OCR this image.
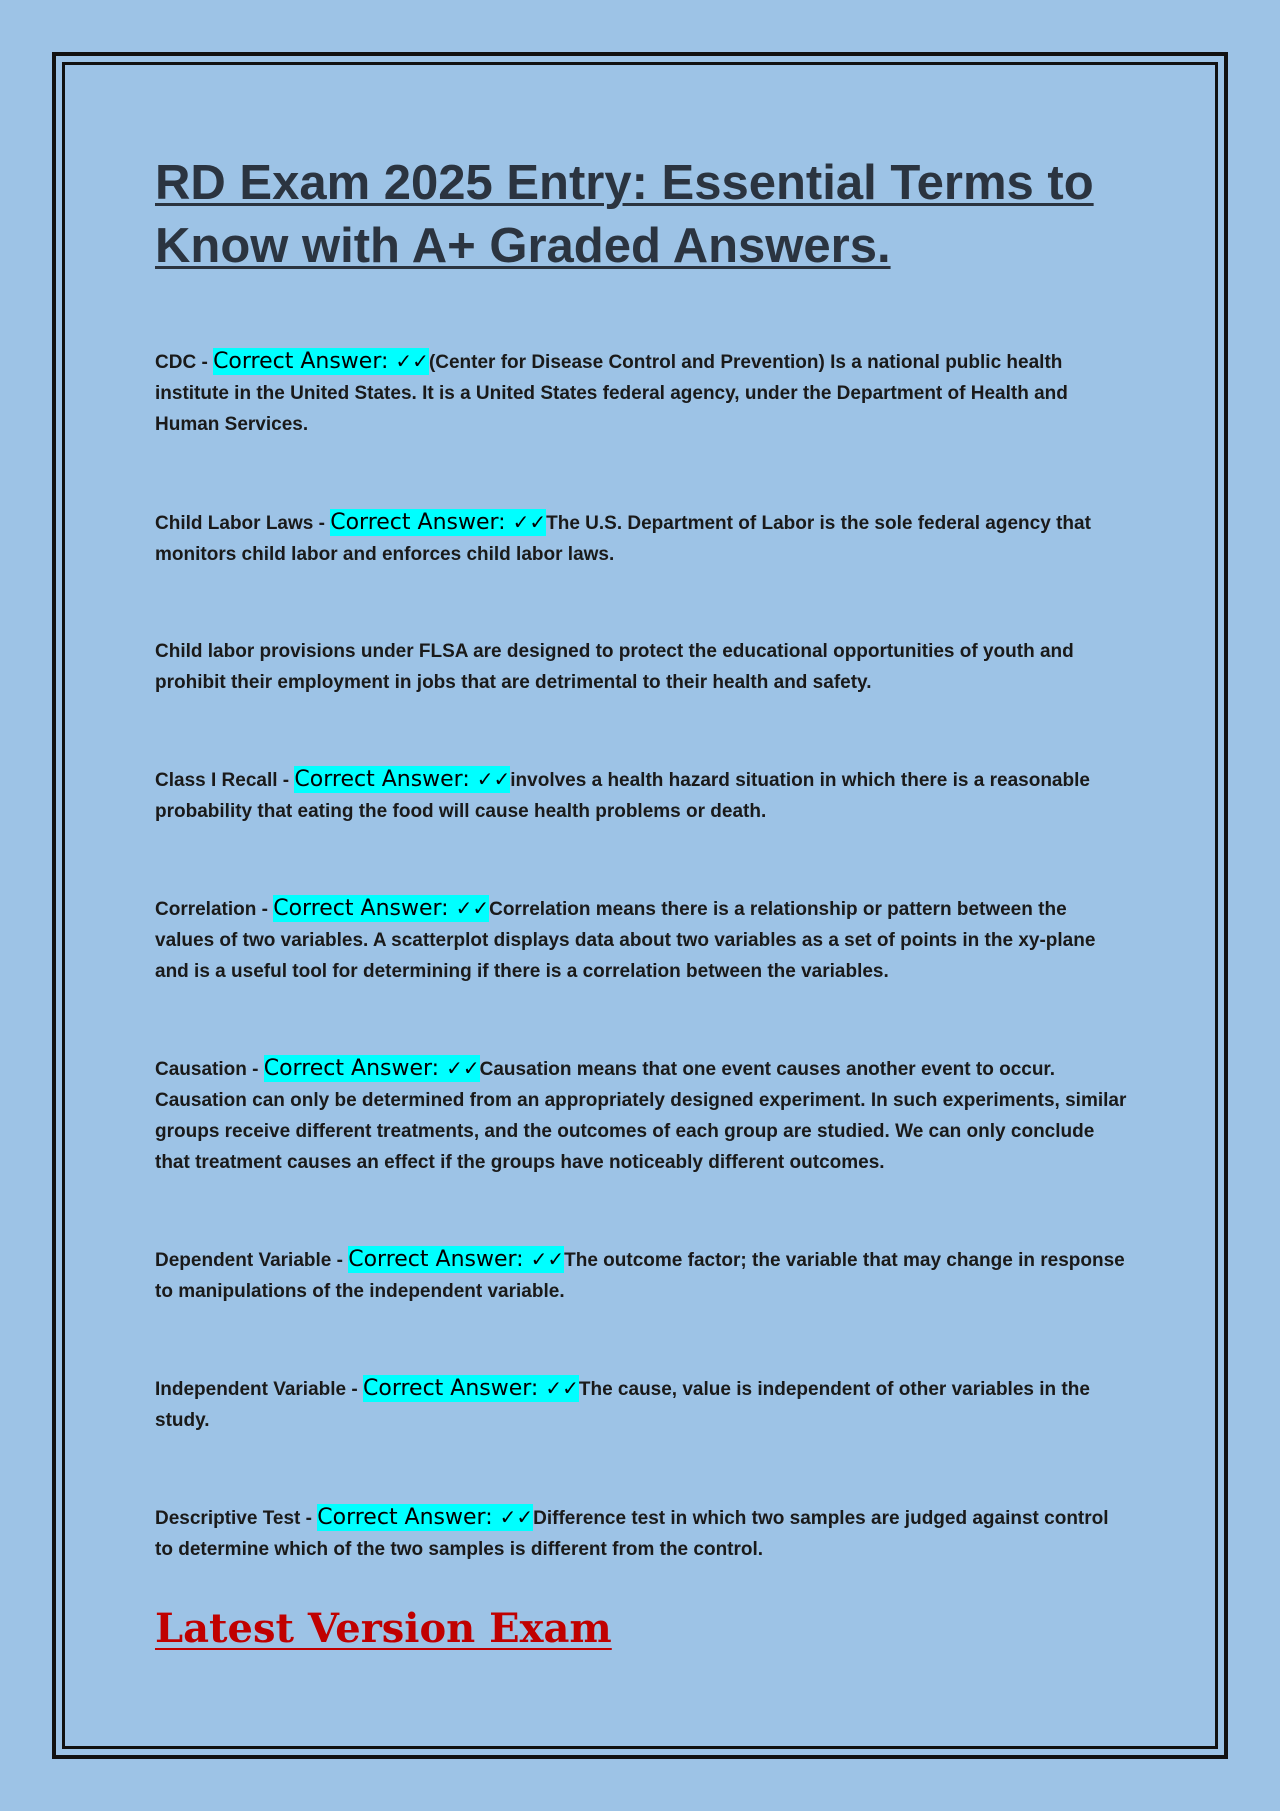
RD Exam 2025 Entry: Essential Terms to Know with A+ Graded Answers.

CDC - Correct Answer: ✓✓(Center for Disease Control and Prevention) Is a national public health institute in the United States. It is a United States federal agency, under the Department of Health and Human Services.

Child Labor Laws - Correct Answer: ✓✓The U.S. Department of Labor is the sole federal agency that monitors child labor and enforces child labor laws.

Child labor provisions under FLSA are designed to protect the educational opportunities of youth and prohibit their employment in jobs that are detrimental to their health and safety.

Class I Recall - Correct Answer: ✓✓involves a health hazard situation in which there is a reasonable probability that eating the food will cause health problems or death.

Correlation - Correct Answer: ✓✓Correlation means there is a relationship or pattern between the values of two variables. A scatterplot displays data about two variables as a set of points in the xy-plane and is a useful tool for determining if there is a correlation between the variables.

Causation - Correct Answer: ✓✓Causation means that one event causes another event to occur. Causation can only be determined from an appropriately designed experiment. In such experiments, similar groups receive different treatments, and the outcomes of each group are studied. We can only conclude that treatment causes an effect if the groups have noticeably different outcomes.

Dependent Variable - Correct Answer: ✓✓The outcome factor; the variable that may change in response to manipulations of the independent variable.

Independent Variable - Correct Answer: ✓✓The cause, value is independent of other variables in the study.

Descriptive Test - Correct Answer: ✓✓Difference test in which two samples are judged against control to determine which of the two samples is different from the control.

Latest Version Exam
